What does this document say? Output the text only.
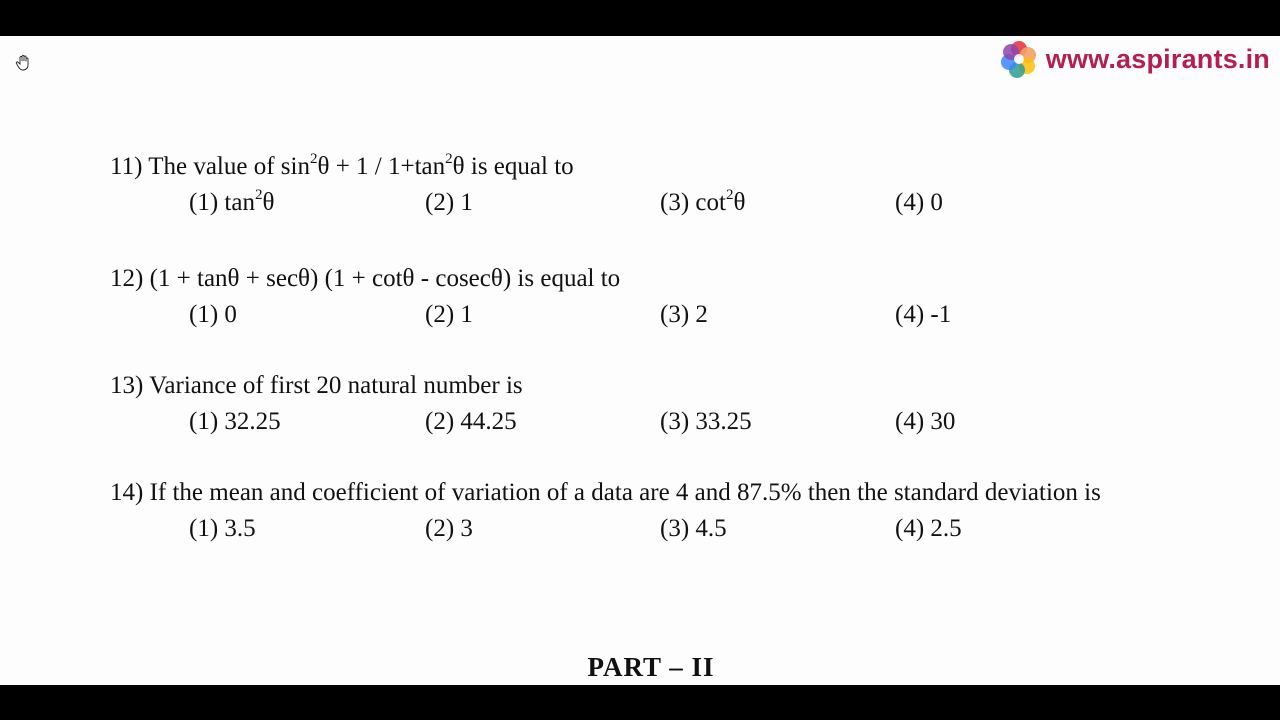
www.aspirants.in
11) The value of $\sin^2\theta + 1 / 1+\tan^2\theta$ is equal to
(1) $\tan^2\theta$	(2) 1	(3) $\cot^2\theta$	(4) 0
12) (1 + tanθ + secθ) (1 + cotθ - cosecθ) is equal to
(1) 0	(2) 1	(3) 2	(4) -1
13) Variance of first 20 natural number is
(1) 32.25	(2) 44.25	(3) 33.25	(4) 30
14) If the mean and coefficient of variation of a data are 4 and 87.5% then the standard deviation is
(1) 3.5	(2) 3	(3) 4.5	(4) 2.5
PART – II
